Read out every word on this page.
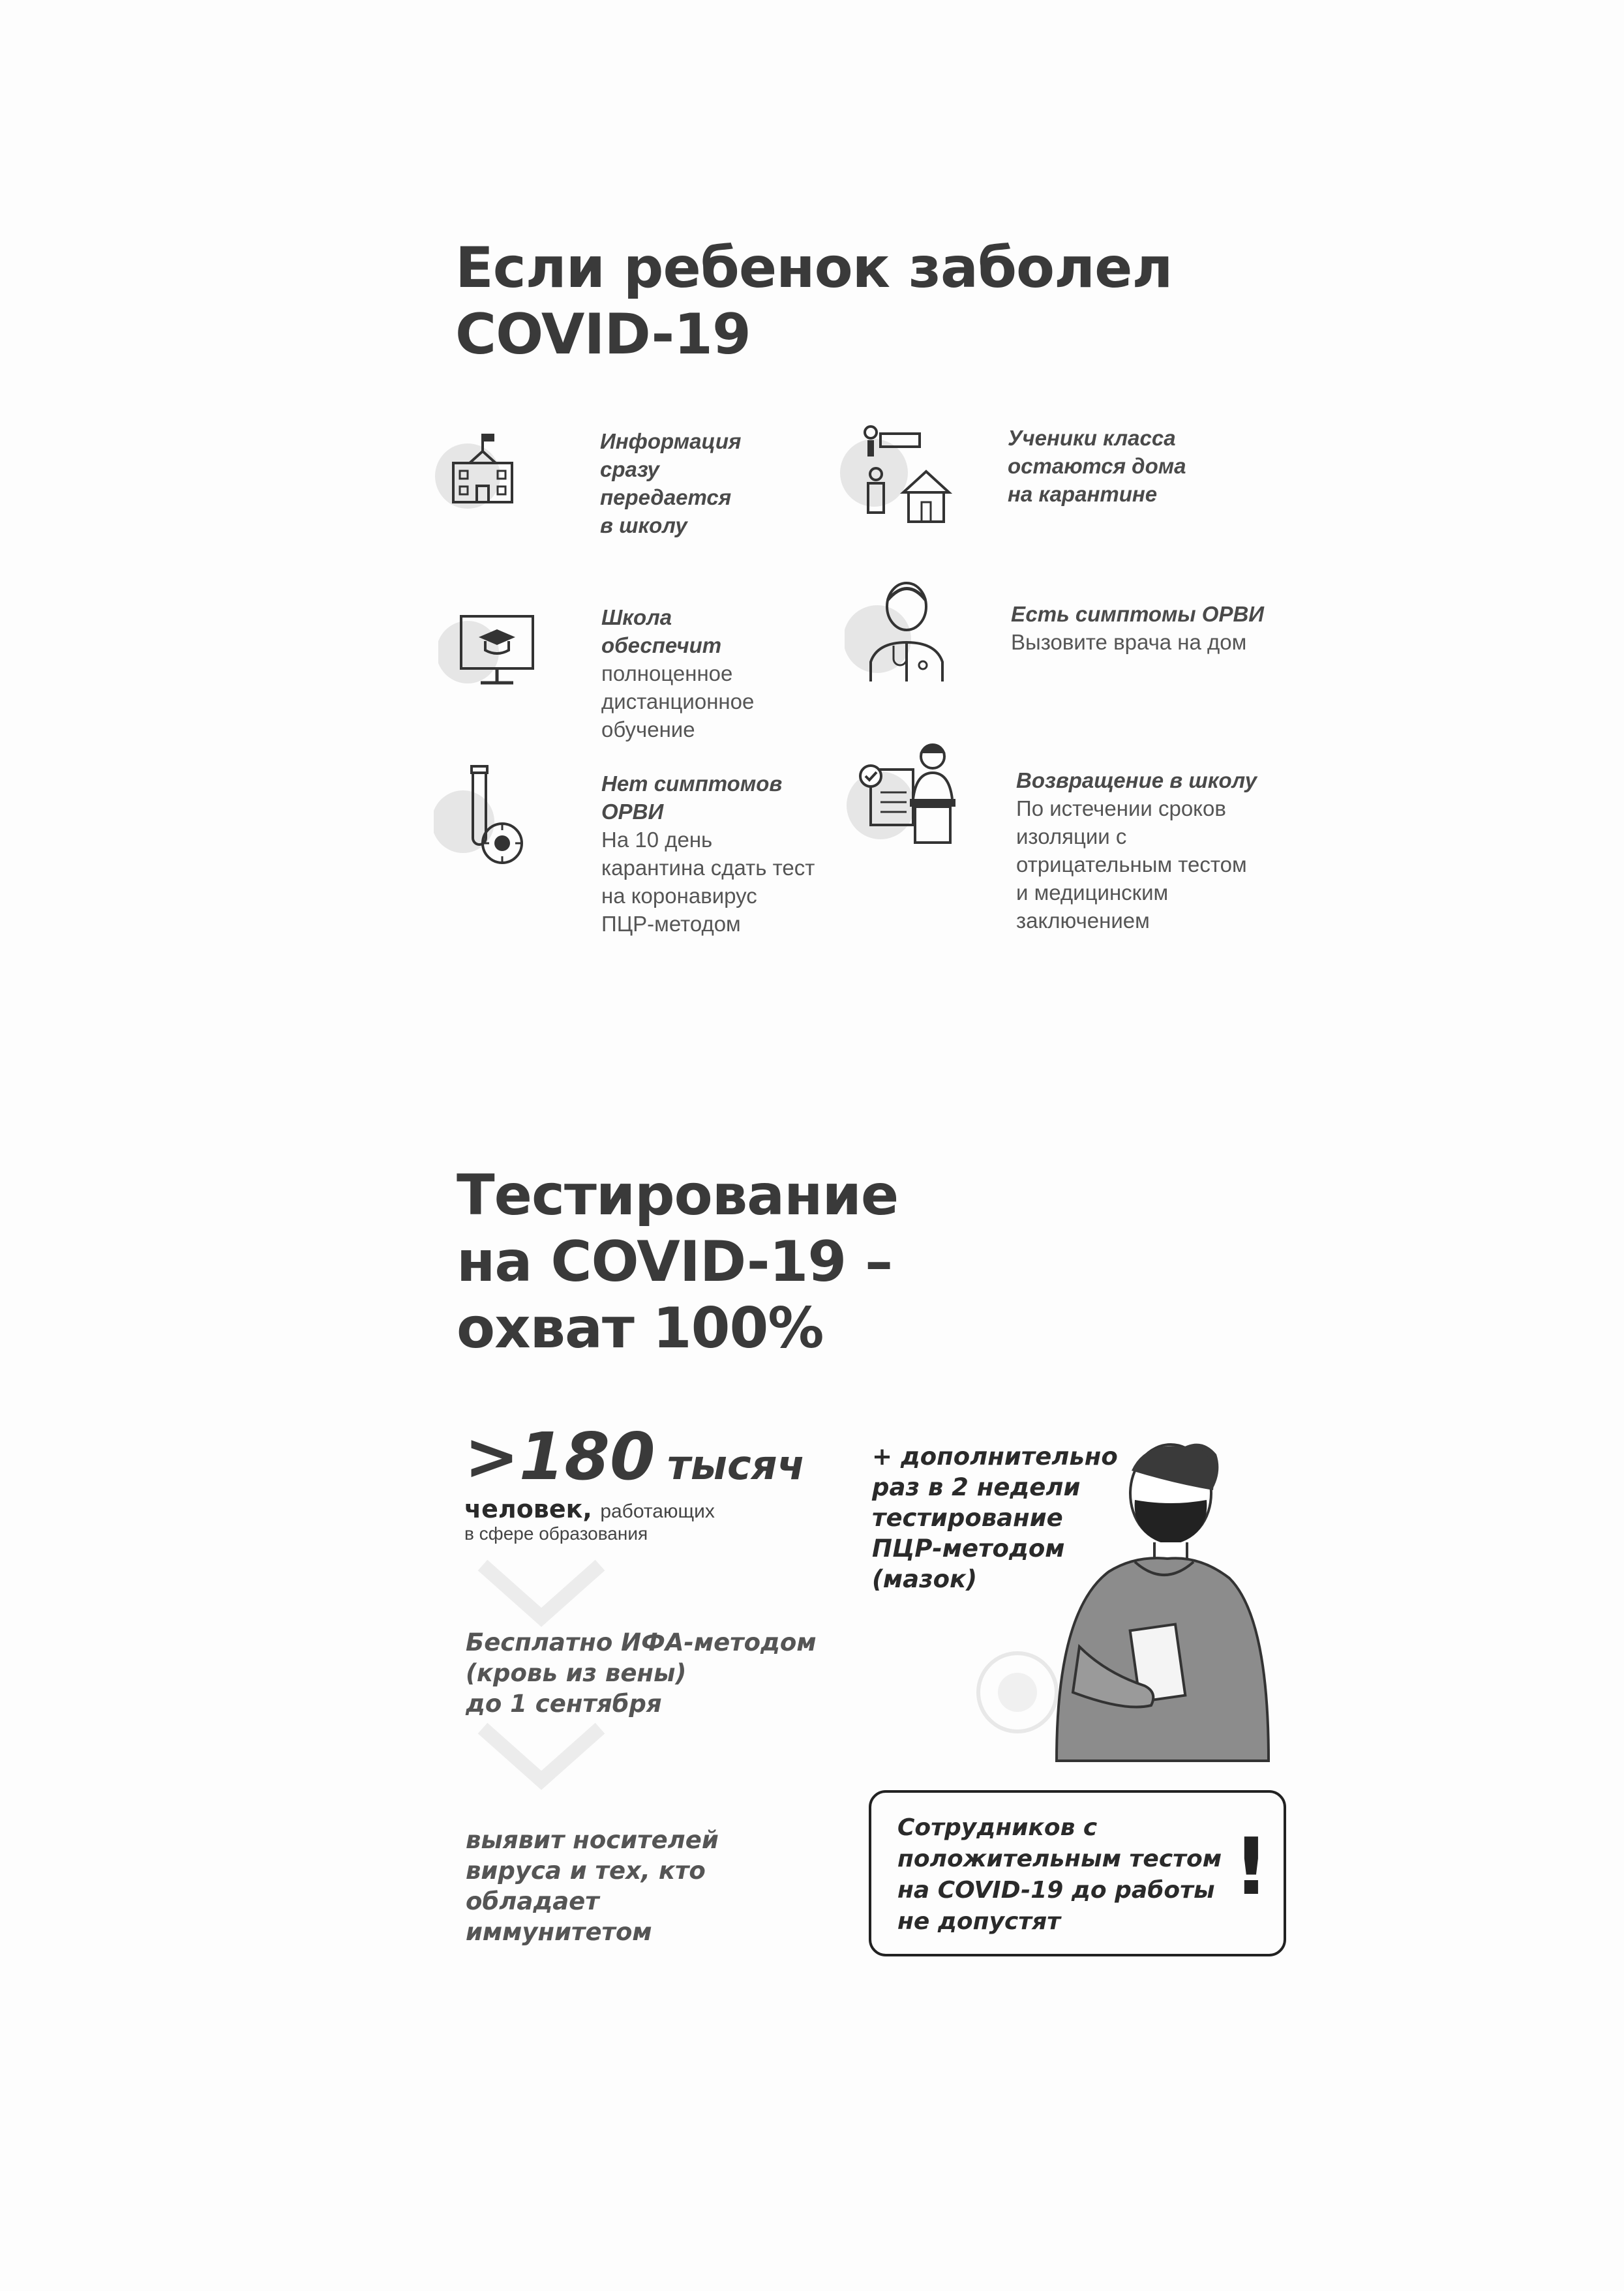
Если ребенок заболел
COVID-19
Информация
сразу
передается
в школу
Ученики класса
остаются дома
на карантине
Школа
обеспечит
полноценное
дистанционное
обучение
Есть симптомы ОРВИ
Вызовите врача на дом
Нет симптомов
ОРВИ
На 10 день
карантина сдать тест
на коронавирус
ПЦР-методом
Возвращение в школу
По истечении сроков
изоляции с
отрицательным тестом
и медицинским
заключением
Тестирование
на COVID-19 –
охват 100%
>180 тысяч
человек, работающих
в сфере образования
Бесплатно ИФА-методом
(кровь из вены)
до 1 сентября
выявит носителей
вируса и тех, кто
обладает
иммунитетом
+ дополнительно
раз в 2 недели
тестирование
ПЦР-методом
(мазок)
Сотрудников с
положительным тестом
на COVID-19 до работы
не допустят
!
